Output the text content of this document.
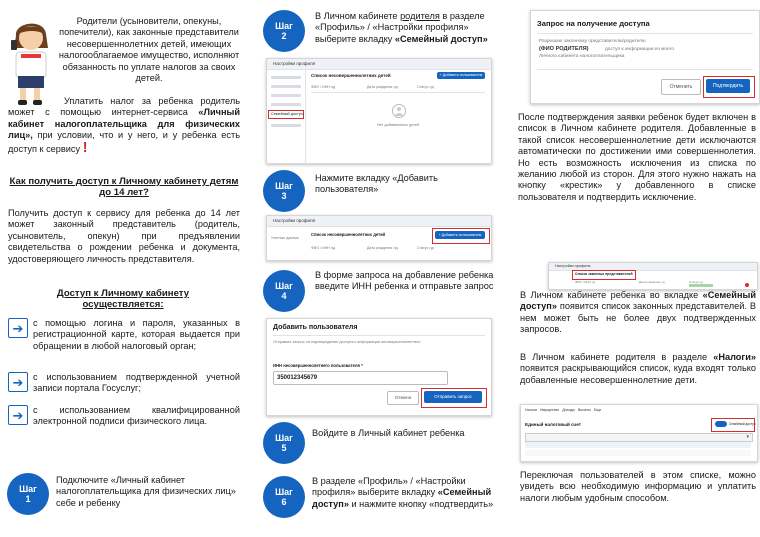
Родители (усыновители, опекуны, попечители), как законные представители несовершеннолетних детей, имеющих налогооблагаемое имущество, исполняют обязанность по уплате налогов за своих детей.
Уплатить налог за ребенка родитель может с помощью интернет-сервиса «Личный кабинет налогоплательщика для физических лиц», при условии, что и у него, и у ребенка есть доступ к сервису !
Как получить доступ к Личному кабинету детям до 14 лет?
Получить доступ к сервису для ребенка до 14 лет может законный представитель (родитель, усыновитель, опекун) при предъявлении свидетельства о рождении ребенка и документа, удостоверяющего личность представителя.
Доступ к Личному кабинету осуществляется:
➔	с помощью логина и пароля, указанных в регистрационной карте, которая выдается при обращении в любой налоговый орган;
➔	с использованием подтвержденной учетной записи портала Госуслуг;
➔	с использованием квалифицированной электронной подписи физического лица.
Шаг
1
Подключите «Личный кабинет налогоплательщика для физических лиц» себе и ребенку
Шаг
2
В Личном кабинете родителя в разделе «Профиль» / «Настройки профиля» выберите вкладку «Семейный доступ»
Настройки профиля
Семейный доступ
Список несовершеннолетних детей	+ Добавить пользователя
ФИО / ИНН лд	Дата рождения лд	Статус лд
Нет добавленных детей
Шаг
3
Нажмите вкладку «Добавить пользователя»
Настройки профиля
Учетные данные
Список несовершеннолетних детей	+ Добавить пользователя
ФИО / ИНН лд	Дата рождения лд	Статус лд
Шаг
4
В форме запроса на добавление ребенка введите ИНН ребенка и отправьте запрос
Добавить пользователя
Отправьте запрос на подтверждение доступа к информации несовершеннолетнего
ИНН несовершеннолетнего пользователя *
350012345679
Отмена	Отправить запрос
Шаг
5
Войдите в Личный кабинет ребенка
Шаг
6
В разделе «Профиль» / «Настройки профиля» выберите вкладку «Семейный доступ» и нажмите кнопку «подтвердить»
Запрос на получение доступа
Разрешаю законному представителю/родителю
(ФИО РОДИТЕЛЯ)	доступ к информации из моего
Личного кабинета налогоплательщика
Отменить	Подтвердить
После подтверждения заявки ребенок будет включен в список в Личном кабинете родителя. Добавленные в такой список несовершеннолетние дети исключаются автоматически по достижении ими совершеннолетия. Но есть возможность исключения из списка по желанию любой из сторон. Для этого нужно нажать на кнопку «крестик» у добавленного в списке пользователя и подтвердить исключение.
Настройки профиля
Список законных представителей
ФИО / ИНН лд	Дата рождения лд	Статус лд
В Личном кабинете ребенка во вкладке «Семейный доступ» появится список законных представителей. В нем может быть не более двух подтвержденных запросов.
В Личном кабинете родителя в разделе «Налоги» появится раскрывающийся список, куда входят только добавленные несовершеннолетние дети.
Налоги Имущество Доходы Вычеты Еще
Единый налоговый счет	Семейный доступ
▾
Переключая пользователей в этом списке, можно увидеть всю необходимую информацию и уплатить налоги любым удобным способом.
